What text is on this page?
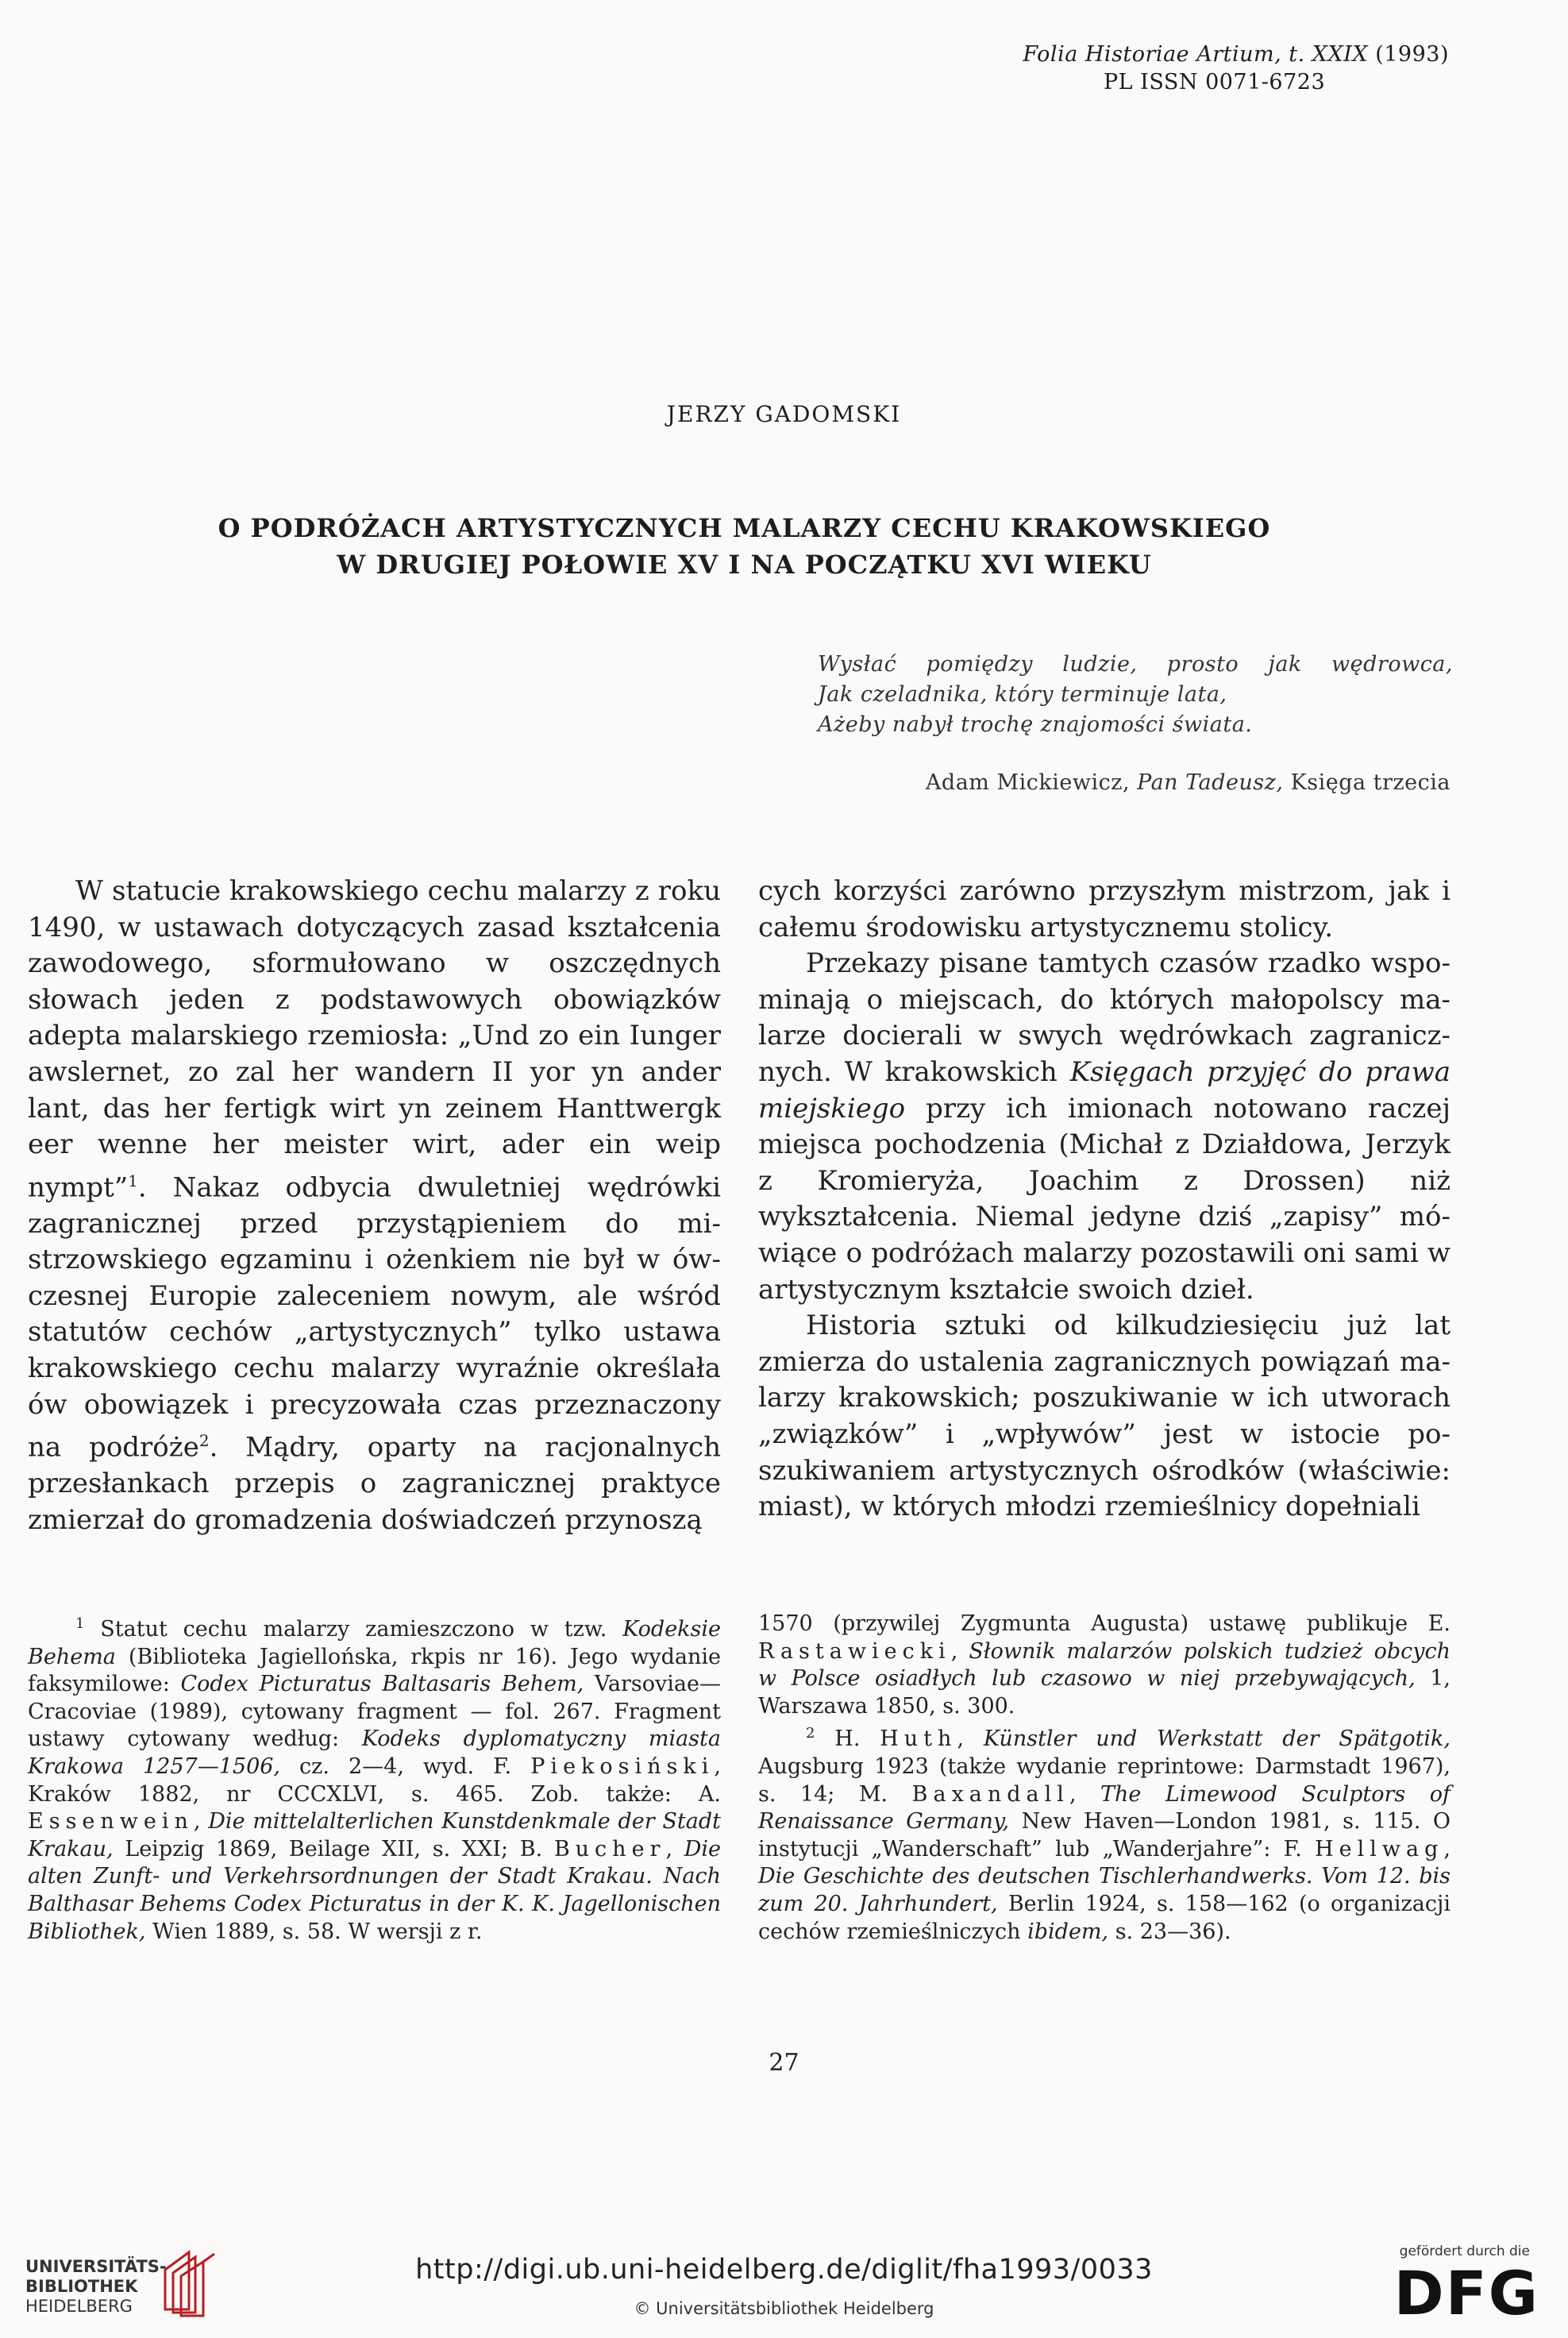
Folia Historiae Artium, t. XXIX (1993)
PL ISSN 0071-6723
JERZY GADOMSKI
O PODRÓŻACH ARTYSTYCZNYCH MALARZY CECHU KRAKOWSKIEGO
W DRUGIEJ POŁOWIE XV I NA POCZĄTKU XVI WIEKU
Wysłać pomiędzy ludzie, prosto jak wędrowca,
Jak czeladnika, który terminuje lata,
Ażeby nabył trochę znajomości świata.
Adam Mickiewicz, Pan Tadeusz, Księga trzecia

W statucie krakowskiego cechu malarzy z roku 1490, w ustawach dotyczących zasad kształcenia zawodowego, sformułowano w oszczędnych słowach jeden z podstawowych obowiązków adepta malarskiego rzemiosła: „Und zo ein Iunger awslernet, zo zal her wandern II yor yn ander lant, das her fertigk wirt yn zeinem Hanttwergk eer wenne her meister wirt, ader ein weip nympt”$^1$. Nakaz odbycia dwuletniej wędrówki zagranicznej przed przystąpieniem do mistrzowskiego egzaminu i ożenkiem nie był w ówczesnej Europie zaleceniem nowym, ale wśród statutów cechów „artystycznych” tylko ustawa krakowskiego cechu malarzy wyraźnie określała ów obowiązek i precyzowała czas przeznaczony na podróże$^2$. Mądry, oparty na racjonalnych przesłankach przepis o zagranicznej praktyce zmierzał do gromadzenia doświadczeń przynoszą

cych korzyści zarówno przyszłym mistrzom, jak i całemu środowisku artystycznemu stolicy.

Przekazy pisane tamtych czasów rzadko wspominają o miejscach, do których małopolscy malarze docierali w swych wędrówkach zagranicznych. W krakowskich Księgach przyjęć do prawa miejskiego przy ich imionach notowano raczej miejsca pochodzenia (Michał z Działdowa, Jerzyk z Kromieryża, Joachim z Drossen) niż wykształcenia. Niemal jedyne dziś „zapisy” mówiące o podróżach malarzy pozostawili oni sami w artystycznym kształcie swoich dzieł.

Historia sztuki od kilkudziesięciu już lat zmierza do ustalenia zagranicznych powiązań malarzy krakowskich; poszukiwanie w ich utworach „związków” i „wpływów” jest w istocie poszukiwaniem artystycznych ośrodków (właściwie: miast), w których młodzi rzemieślnicy dopełniali

$^1$ Statut cechu malarzy zamieszczono w tzw. Kodeksie Behema (Biblioteka Jagiellońska, rkpis nr 16). Jego wydanie faksymilowe: Codex Picturatus Baltasaris Behem, Varsoviae—Cracoviae (1989), cytowany fragment — fol. 267. Fragment ustawy cytowany według: Kodeks dyplomatyczny miasta Krakowa 1257—1506, cz. 2—4, wyd. F. Piekosiński, Kraków 1882, nr CCCXLVI, s. 465. Zob. także: A. Essenwein, Die mittelalterlichen Kunstdenkmale der Stadt Krakau, Leipzig 1869, Beilage XII, s. XXI; B. Bucher, Die alten Zunft- und Verkehrsordnungen der Stadt Krakau. Nach Balthasar Behems Codex Picturatus in der K. K. Jagellonischen Bibliothek, Wien 1889, s. 58. W wersji z r.

1570 (przywilej Zygmunta Augusta) ustawę publikuje E. Rastawiecki, Słownik malarzów polskich tudzież obcych w Polsce osiadłych lub czasowo w niej przebywających, 1, Warszawa 1850, s. 300.

$^2$ H. Huth, Künstler und Werkstatt der Spätgotik, Augsburg 1923 (także wydanie reprintowe: Darmstadt 1967), s. 14; M. Baxandall, The Limewood Sculptors of Renaissance Germany, New Haven—London 1981, s. 115. O instytucji „Wanderschaft” lub „Wanderjahre”: F. Hellwag, Die Geschichte des deutschen Tischlerhandwerks. Vom 12. bis zum 20. Jahrhundert, Berlin 1924, s. 158—162 (o organizacji cechów rzemieślniczych ibidem, s. 23—36).

27
UNIVERSITÄTS-
BIBLIOTHEK
HEIDELBERG
http://digi.ub.uni-heidelberg.de/diglit/fha1993/0033
© Universitätsbibliothek Heidelberg
gefördert durch die
DFG
